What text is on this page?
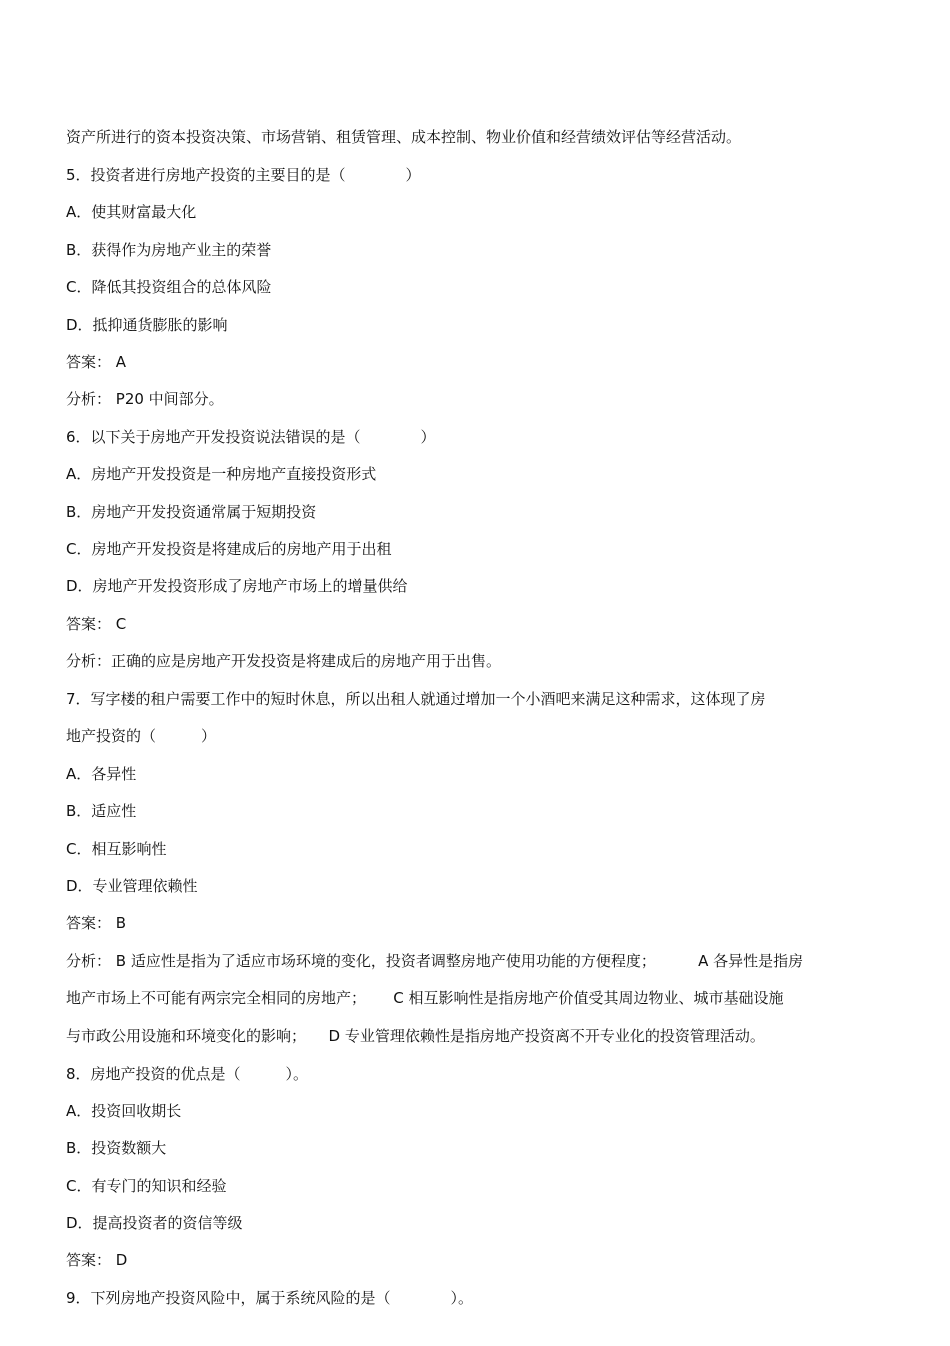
资产所进行的资本投资决策、市场营销、租赁管理、成本控制、物业价值和经营绩效评估等经营活动。
5．投资者进行房地产投资的主要目的是（　　　　）
A．使其财富最大化
B．获得作为房地产业主的荣誉
C．降低其投资组合的总体风险
D．抵抑通货膨胀的影响
答案： A
分析： P20 中间部分。
6．以下关于房地产开发投资说法错误的是（　　　　）
A．房地产开发投资是一种房地产直接投资形式
B．房地产开发投资通常属于短期投资
C．房地产开发投资是将建成后的房地产用于出租
D．房地产开发投资形成了房地产市场上的增量供给
答案： C
分析：正确的应是房地产开发投资是将建成后的房地产用于出售。
7．写字楼的租户需要工作中的短时休息，所以出租人就通过增加一个小酒吧来满足这种需求，这体现了房
地产投资的（　　　）
A．各异性
B．适应性
C．相互影响性
D．专业管理依赖性
答案： B
分析： B 适应性是指为了适应市场环境的变化，投资者调整房地产使用功能的方便程度；　　　 A 各异性是指房
地产市场上不可能有两宗完全相同的房地产；　　 C 相互影响性是指房地产价值受其周边物业、城市基础设施
与市政公用设施和环境变化的影响；　　D 专业管理依赖性是指房地产投资离不开专业化的投资管理活动。
8．房地产投资的优点是（　　　）。
A．投资回收期长
B．投资数额大
C．有专门的知识和经验
D．提高投资者的资信等级
答案： D
9．下列房地产投资风险中，属于系统风险的是（　　　　）。
